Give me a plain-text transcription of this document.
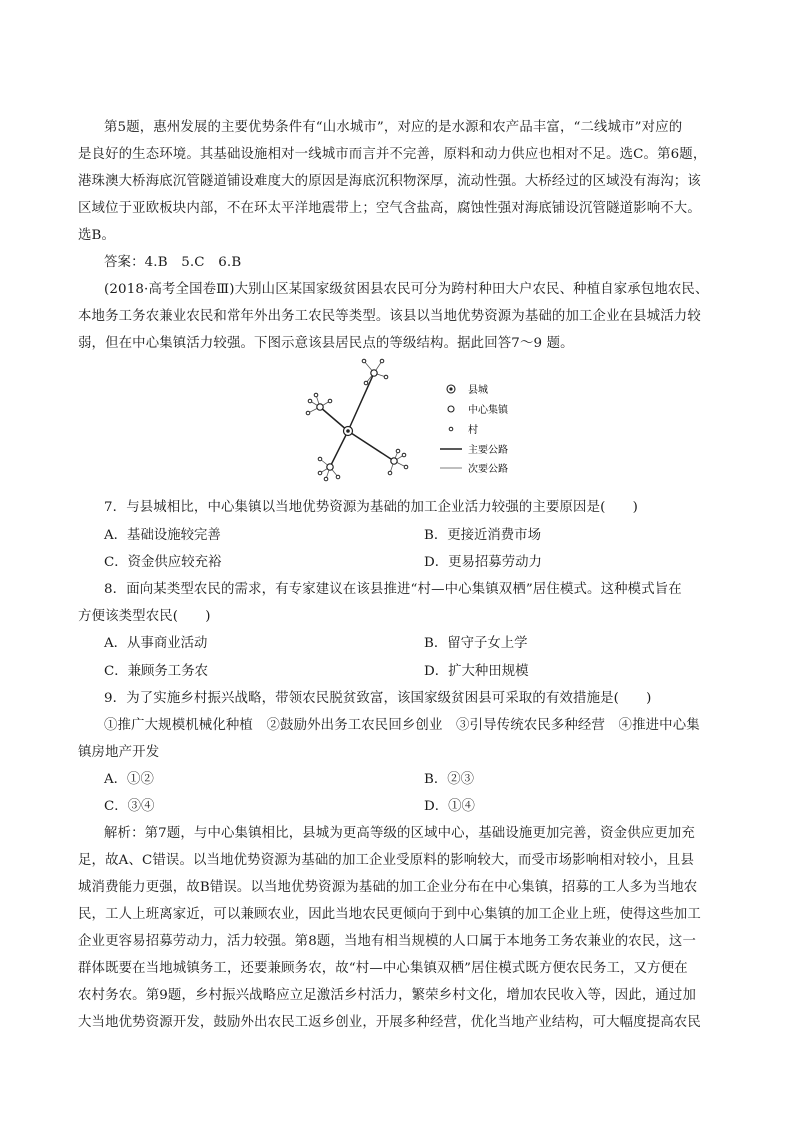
第5题，惠州发展的主要优势条件有“山水城市”，对应的是水源和农产品丰富，“二线城市”对应的
是良好的生态环境。其基础设施相对一线城市而言并不完善，原料和动力供应也相对不足。选C。第6题，
港珠澳大桥海底沉管隧道铺设难度大的原因是海底沉积物深厚，流动性强。大桥经过的区域没有海沟；该
区域位于亚欧板块内部，不在环太平洋地震带上；空气含盐高，腐蚀性强对海底铺设沉管隧道影响不大。
选B。
答案：4.B　5.C　6.B
(2018·高考全国卷Ⅲ)大别山区某国家级贫困县农民可分为跨村种田大户农民、种植自家承包地农民、
本地务工务农兼业农民和常年外出务工农民等类型。该县以当地优势资源为基础的加工企业在县城活力较
弱，但在中心集镇活力较强。下图示意该县居民点的等级结构。据此回答7～9 题。
县城
中心集镇
村
主要公路
次要公路
7．与县城相比，中心集镇以当地优势资源为基础的加工企业活力较强的主要原因是(　　)
A．基础设施较完善	B．更接近消费市场
C．资金供应较充裕	D．更易招募劳动力
8．面向某类型农民的需求，有专家建议在该县推进“村—中心集镇双栖”居住模式。这种模式旨在
方便该类型农民(　　)
A．从事商业活动	B．留守子女上学
C．兼顾务工务农	D．扩大种田规模
9．为了实施乡村振兴战略，带领农民脱贫致富，该国家级贫困县可采取的有效措施是(　　)
①推广大规模机械化种植　②鼓励外出务工农民回乡创业　③引导传统农民多种经营　④推进中心集
镇房地产开发
A．①②	B．②③
C．③④	D．①④
解析：第7题，与中心集镇相比，县城为更高等级的区域中心，基础设施更加完善，资金供应更加充
足，故A、C错误。以当地优势资源为基础的加工企业受原料的影响较大，而受市场影响相对较小，且县
城消费能力更强，故B错误。以当地优势资源为基础的加工企业分布在中心集镇，招募的工人多为当地农
民，工人上班离家近，可以兼顾农业，因此当地农民更倾向于到中心集镇的加工企业上班，使得这些加工
企业更容易招募劳动力，活力较强。第8题，当地有相当规模的人口属于本地务工务农兼业的农民，这一
群体既要在当地城镇务工，还要兼顾务农，故“村—中心集镇双栖”居住模式既方便农民务工，又方便在
农村务农。第9题，乡村振兴战略应立足激活乡村活力，繁荣乡村文化，增加农民收入等，因此，通过加
大当地优势资源开发，鼓励外出农民工返乡创业，开展多种经营，优化当地产业结构，可大幅度提高农民
